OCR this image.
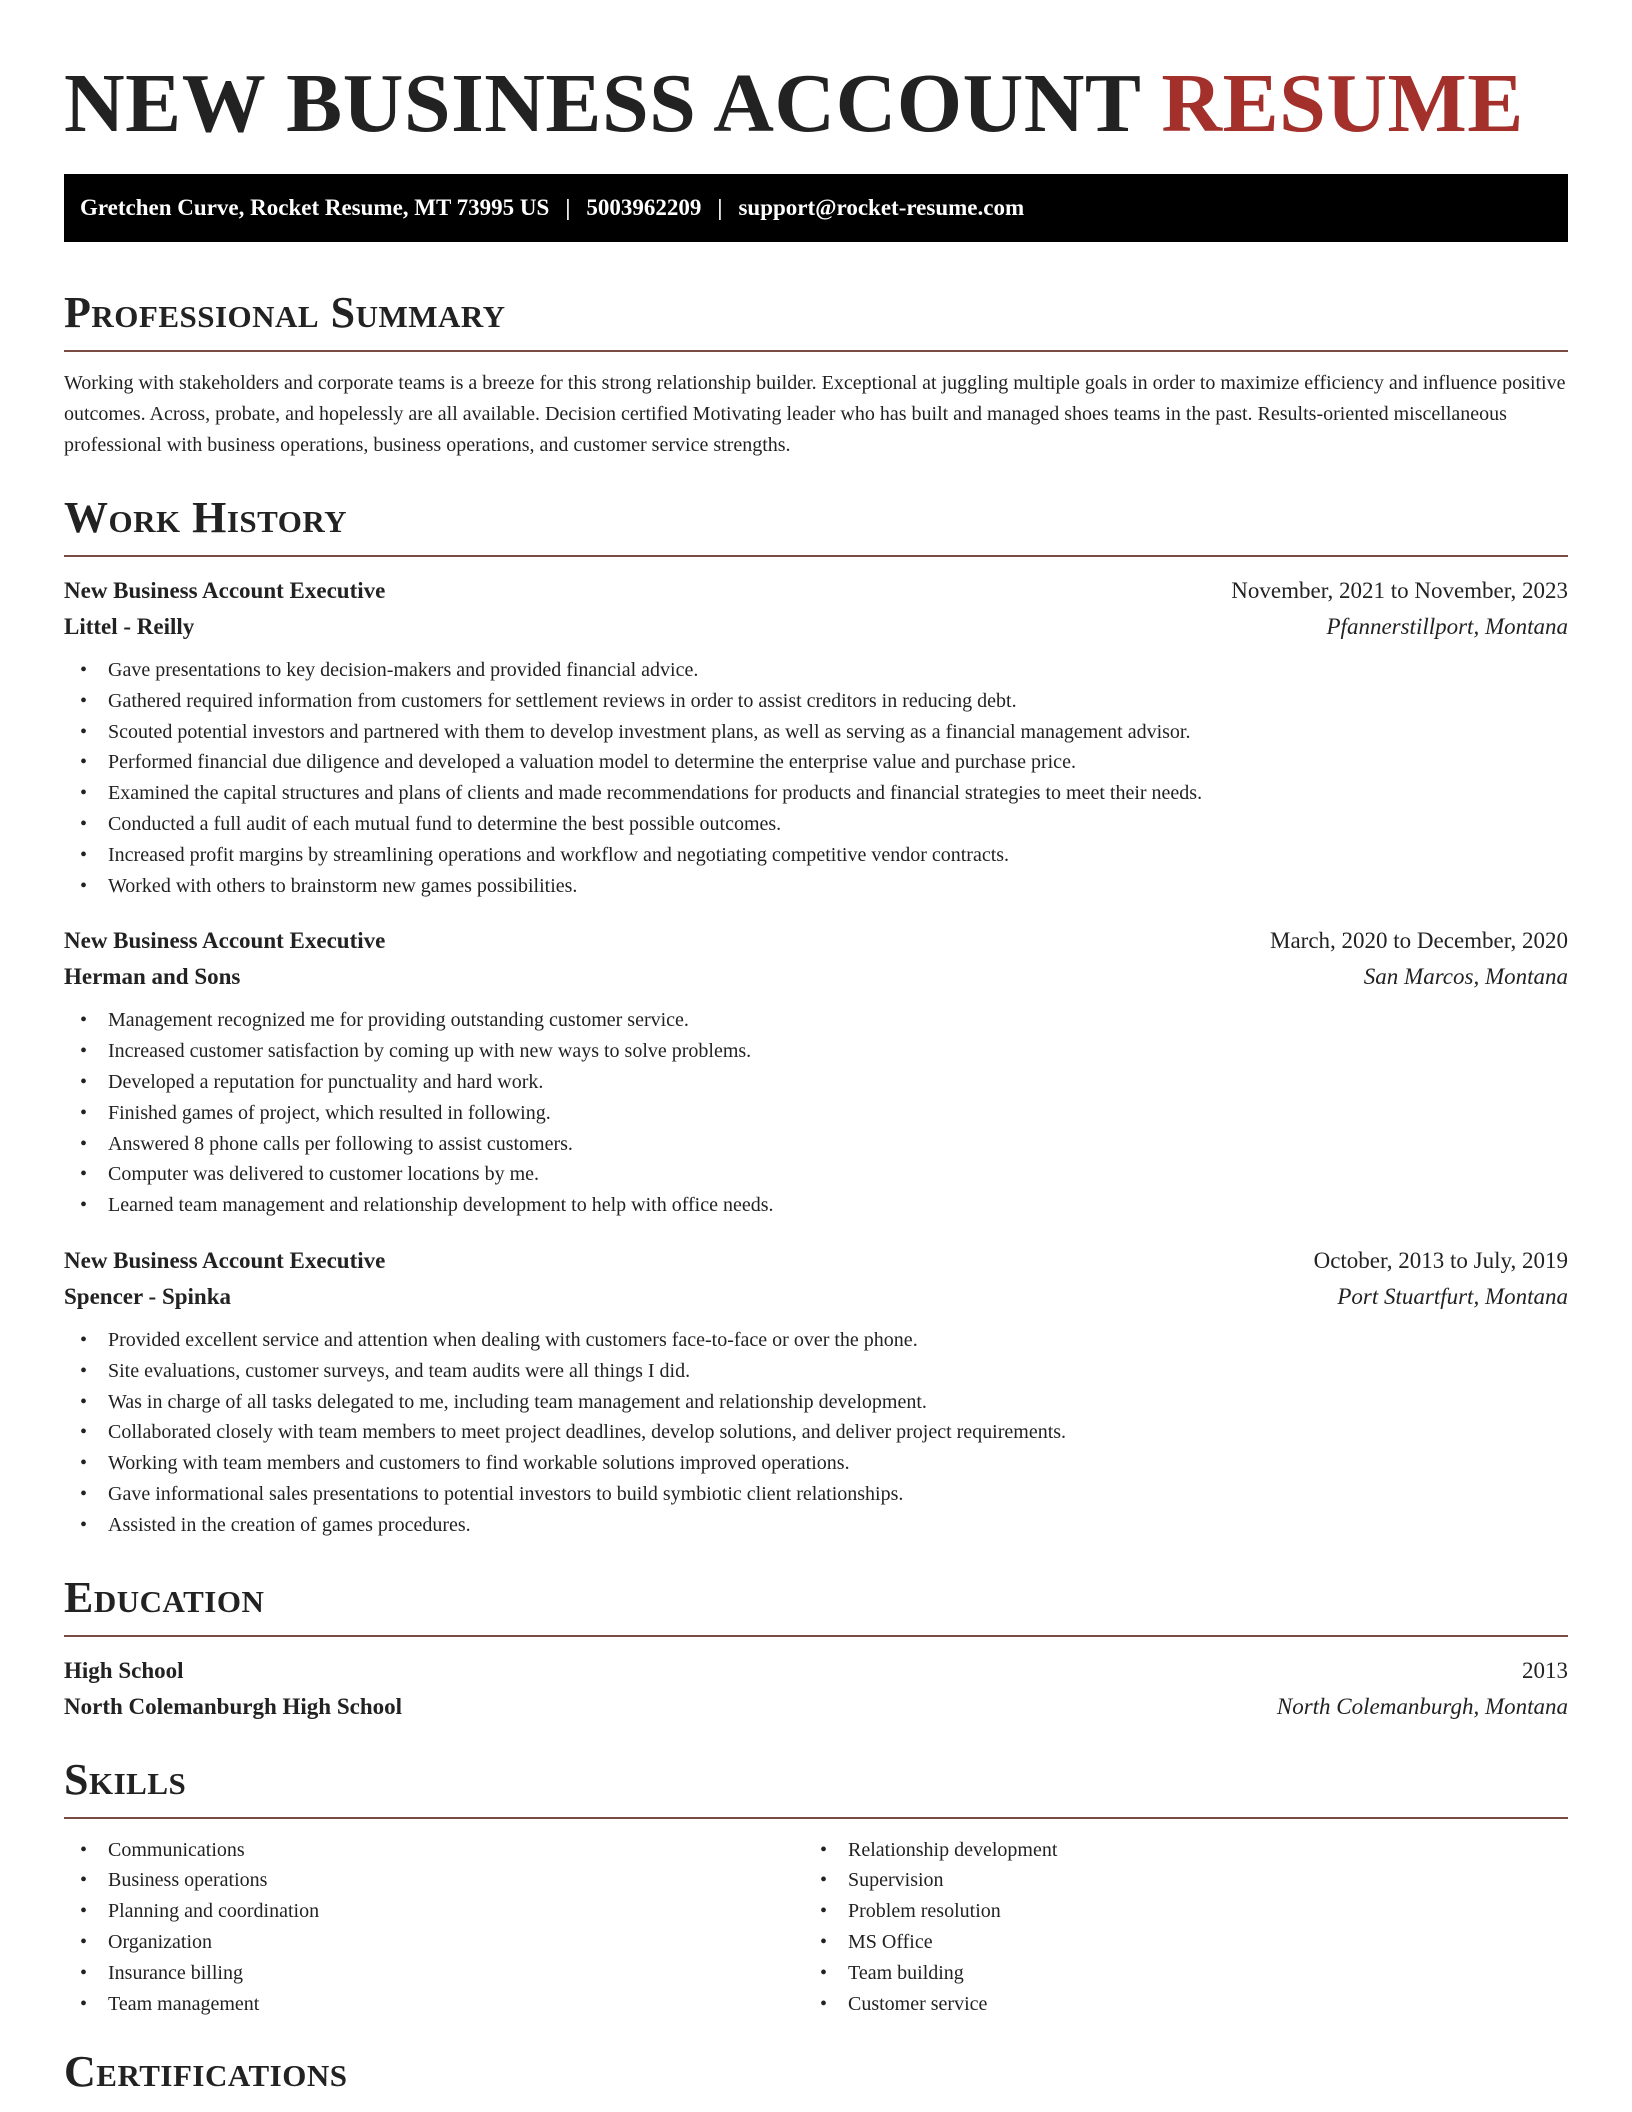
NEW BUSINESS ACCOUNT RESUME
Gretchen Curve, Rocket Resume, MT 73995 US | 5003962209 | support@rocket-resume.com
Professional Summary

Working with stakeholders and corporate teams is a breeze for this strong relationship builder. Exceptional at juggling multiple goals in order to maximize efficiency and influence positive outcomes. Across, probate, and hopelessly are all available. Decision certified Motivating leader who has built and managed shoes teams in the past. Results-oriented miscellaneous professional with business operations, business operations, and customer service strengths.

Work History
New Business Account Executive	November, 2021 to November, 2023
Littel - Reilly	Pfannerstillport, Montana
• Gave presentations to key decision-makers and provided financial advice.
• Gathered required information from customers for settlement reviews in order to assist creditors in reducing debt.
• Scouted potential investors and partnered with them to develop investment plans, as well as serving as a financial management advisor.
• Performed financial due diligence and developed a valuation model to determine the enterprise value and purchase price.
• Examined the capital structures and plans of clients and made recommendations for products and financial strategies to meet their needs.
• Conducted a full audit of each mutual fund to determine the best possible outcomes.
• Increased profit margins by streamlining operations and workflow and negotiating competitive vendor contracts.
• Worked with others to brainstorm new games possibilities.
New Business Account Executive	March, 2020 to December, 2020
Herman and Sons	San Marcos, Montana
• Management recognized me for providing outstanding customer service.
• Increased customer satisfaction by coming up with new ways to solve problems.
• Developed a reputation for punctuality and hard work.
• Finished games of project, which resulted in following.
• Answered 8 phone calls per following to assist customers.
• Computer was delivered to customer locations by me.
• Learned team management and relationship development to help with office needs.
New Business Account Executive	October, 2013 to July, 2019
Spencer - Spinka	Port Stuartfurt, Montana
• Provided excellent service and attention when dealing with customers face-to-face or over the phone.
• Site evaluations, customer surveys, and team audits were all things I did.
• Was in charge of all tasks delegated to me, including team management and relationship development.
• Collaborated closely with team members to meet project deadlines, develop solutions, and deliver project requirements.
• Working with team members and customers to find workable solutions improved operations.
• Gave informational sales presentations to potential investors to build symbiotic client relationships.
• Assisted in the creation of games procedures.
Education
High School	2013
North Colemanburgh High School	North Colemanburgh, Montana
Skills
• Communications
• Business operations
• Planning and coordination
• Organization
• Insurance billing
• Team management
• Relationship development
• Supervision
• Problem resolution
• MS Office
• Team building
• Customer service
Certifications
